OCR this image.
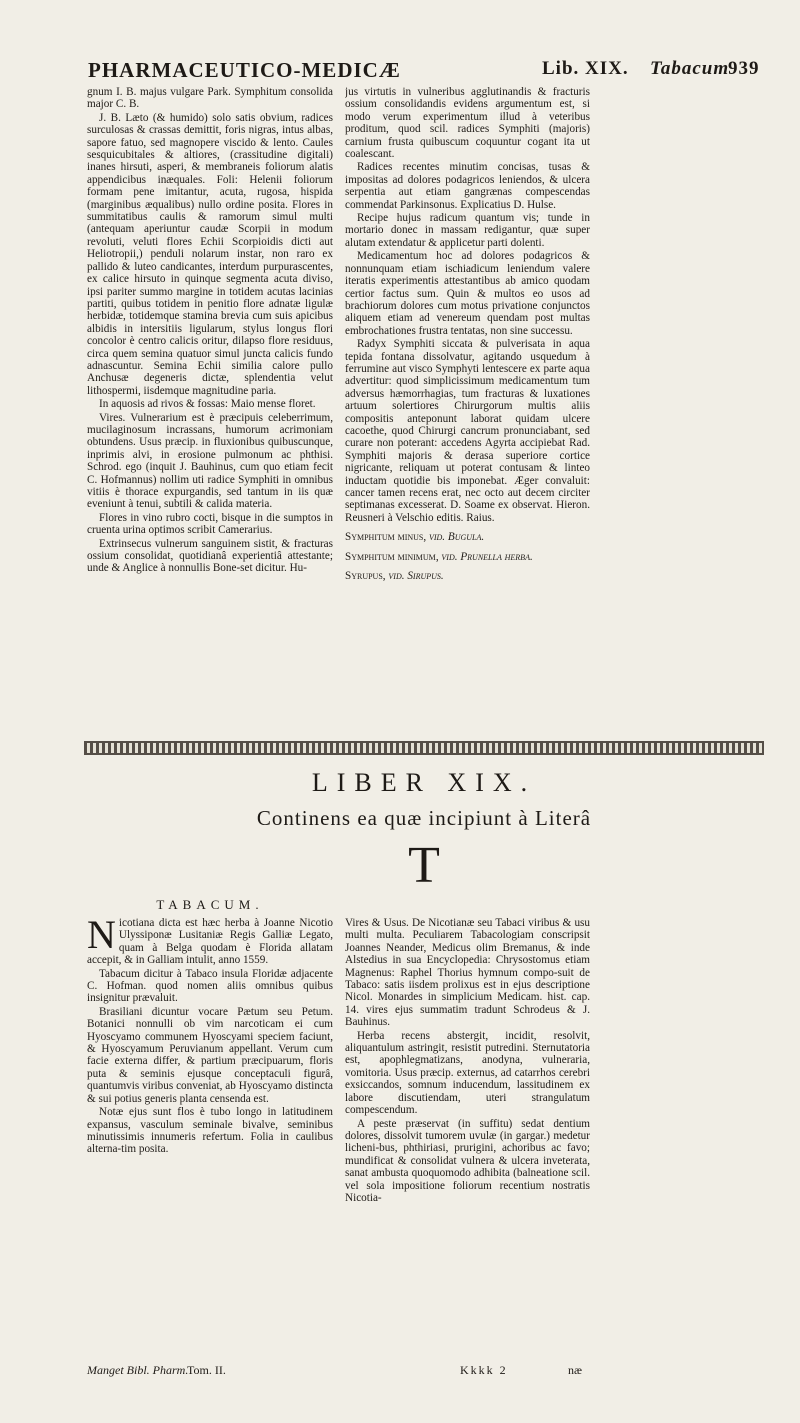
PHARMACEUTICO-MEDICÆ	Lib. XIX. Tabacum
939

gnum I. B. majus vulgare Park. Symphitum consolida major C. B.

J. B. Læto (& humido) solo satis obvium, radices surculosas & crassas demittit, foris nigras, intus albas, sapore fatuo, sed magnopere viscido & lento. Caules sesquicubitales & altiores, (crassitudine digitali) inanes hirsuti, asperi, & membraneis foliorum alatis appendicibus inæquales. Foli: Helenii foliorum formam pene imitantur, acuta, rugosa, hispida (marginibus æqualibus) nullo ordine posita. Flores in summitatibus caulis & ramorum simul multi (antequam aperiuntur caudæ Scorpii in modum revoluti, veluti flores Echii Scorpioidis dicti aut Heliotropii,) penduli nolarum instar, non raro ex pallido & luteo candicantes, interdum purpurascentes, ex calice hirsuto in quinque segmenta acuta diviso, ipsi pariter summo margine in totidem acutas lacinias partiti, quibus totidem in penitio flore adnatæ ligulæ herbidæ, totidemque stamina brevia cum suis apicibus albidis in intersitiis ligularum, stylus longus flori concolor è centro calicis oritur, dilapso flore residuus, circa quem semina quatuor simul juncta calicis fundo adnascuntur. Semina Echii similia calore pullo Anchusæ degeneris dictæ, splendentia velut lithospermi, iisdemque magnitudine paria.

In aquosis ad rivos & fossas: Maio mense floret.

Vires. Vulnerarium est è præcipuis celeberrimum, mucilaginosum incrassans, humorum acrimoniam obtundens. Usus præcip. in fluxionibus quibuscunque, inprimis alvi, in erosione pulmonum ac phthisi. Schrod. ego (inquit J. Bauhinus, cum quo etiam fecit C. Hofmannus) nollim uti radice Symphiti in omnibus vitiis è thorace expurgandis, sed tantum in iis quæ eveniunt à tenui, subtili & calida materia.

Flores in vino rubro cocti, bisque in die sumptos in cruenta urina optimos scribit Camerarius.

Extrinsecus vulnerum sanguinem sistit, & fracturas ossium consolidat, quotidianâ experientiâ attestante; unde & Anglice à nonnullis Bone-set dicitur. Hu-

jus virtutis in vulneribus agglutinandis & fracturis ossium consolidandis evidens argumentum est, si modo verum experimentum illud à veteribus proditum, quod scil. radices Symphiti (majoris) carnium frusta quibuscum coquuntur cogant ita ut coalescant.

Radices recentes minutim concisas, tusas & impositas ad dolores podagricos leniendos, & ulcera serpentia aut etiam gangrænas compescendas commendat Parkinsonus. Explicatius D. Hulse.

Recipe hujus radicum quantum vis; tunde in mortario donec in massam redigantur, quæ super alutam extendatur & applicetur parti dolenti.

Medicamentum hoc ad dolores podagricos & nonnunquam etiam ischiadicum leniendum valere iteratis experimentis attestantibus ab amico quodam certior factus sum. Quin & multos eo usos ad brachiorum dolores cum motus privatione conjunctos aliquem etiam ad venereum quendam post multas embrochationes frustra tentatas, non sine successu.

Radyx Symphiti siccata & pulverisata in aqua tepida fontana dissolvatur, agitando usquedum à ferrumine aut visco Symphyti lentescere ex parte aqua advertitur: quod simplicissimum medicamentum tum adversus hæmorrhagias, tum fracturas & luxationes artuum solertiores Chirurgorum multis aliis compositis anteponunt laborat quidam ulcere cacoethe, quod Chirurgi cancrum pronunciabant, sed curare non poterant: accedens Agyrta accipiebat Rad. Symphiti majoris & derasa superiore cortice nigricante, reliquam ut poterat contusam & linteo inductam quotidie bis imponebat. Æger convaluit: cancer tamen recens erat, nec octo aut decem circiter septimanas excesserat. D. Soame ex observat. Hieron. Reusneri à Velschio editis. Raius.

Symphitum minus, vid. Bugula.

Symphitum minimum, vid. Prunella herba.

Syrupus, vid. Sirupus.

LIBER XIX.
Continens ea quæ incipiunt à Literâ
T
TABACUM.

Nicotiana dicta est hæc herba à Joanne Nicotio Ulyssiponæ Lusitaniæ Regis Galliæ Legato, quam à Belga quodam è Florida allatam accepit, & in Galliam intulit, anno 1559.

Tabacum dicitur à Tabaco insula Floridæ adjacente C. Hofman. quod nomen aliis omnibus quibus insignitur prævaluit.

Brasiliani dicuntur vocare Pætum seu Petum. Botanici nonnulli ob vim narcoticam ei cum Hyoscyamo communem Hyoscyami speciem faciunt, & Hyoscyamum Peruvianum appellant. Verum cum facie externa differ, & partium præcipuarum, floris puta & seminis ejusque conceptaculi figurâ, quantumvis viribus conveniat, ab Hyoscyamo distincta & sui potius generis planta censenda est.

Notæ ejus sunt flos è tubo longo in latitudinem expansus, vasculum seminale bivalve, seminibus minutissimis innumeris refertum. Folia in caulibus alterna-tim posita.

Vires & Usus. De Nicotianæ seu Tabaci viribus & usu multi multa. Peculiarem Tabacologiam conscripsit Joannes Neander, Medicus olim Bremanus, & inde Alstedius in sua Encyclopedia: Chrysostomus etiam Magnenus: Raphel Thorius hymnum compo-suit de Tabaco: satis iisdem prolixus est in ejus descriptione Nicol. Monardes in simplicium Medicam. hist. cap. 14. vires ejus summatim tradunt Schrodeus & J. Bauhinus.

Herba recens abstergit, incidit, resolvit, aliquantulum astringit, resistit putredini. Sternutatoria est, apophlegmatizans, anodyna, vulneraria, vomitoria. Usus præcip. externus, ad catarrhos cerebri exsiccandos, somnum inducendum, lassitudinem ex labore discutiendam, uteri strangulatum compescendum.

A peste præservat (in suffitu) sedat dentium dolores, dissolvit tumorem uvulæ (in gargar.) medetur licheni-bus, phthiriasi, prurigini, achoribus ac favo; mundificat & consolidat vulnera & ulcera inveterata, sanat ambusta quoquomodo adhibita (balneatione scil. vel sola impositione foliorum recentium nostratis Nicotia-

Manget Bibl. Pharm.
Tom. II.	Kkkk 2	næ
